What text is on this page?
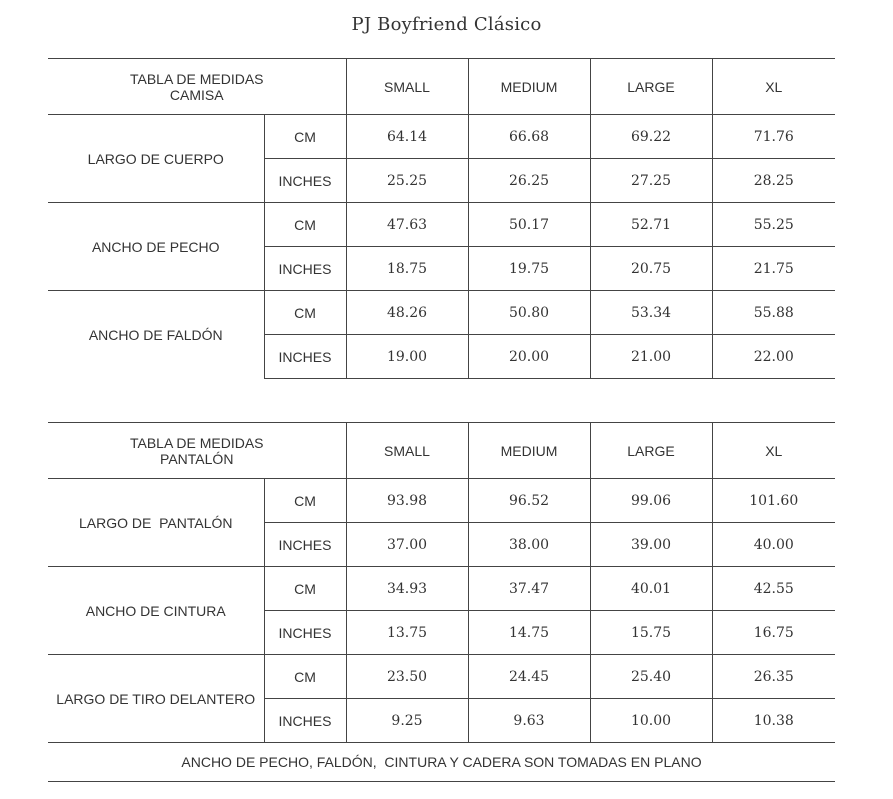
PJ Boyfriend Clásico
TABLA DE MEDIDAS
CAMISA		SMALL	MEDIUM	LARGE	XL
LARGO DE CUERPO	CM	64.14	66.68	69.22	71.76
	INCHES	25.25	26.25	27.25	28.25
ANCHO DE PECHO	CM	47.63	50.17	52.71	55.25
	INCHES	18.75	19.75	20.75	21.75
ANCHO DE FALDÓN	CM	48.26	50.80	53.34	55.88
	INCHES	19.00	20.00	21.00	22.00
TABLA DE MEDIDAS
PANTALÓN		SMALL	MEDIUM	LARGE	XL
LARGO DE  PANTALÓN	CM	93.98	96.52	99.06	101.60
	INCHES	37.00	38.00	39.00	40.00
ANCHO DE CINTURA	CM	34.93	37.47	40.01	42.55
	INCHES	13.75	14.75	15.75	16.75
LARGO DE TIRO DELANTERO	CM	23.50	24.45	25.40	26.35
	INCHES	9.25	9.63	10.00	10.38
ANCHO DE PECHO, FALDÓN,  CINTURA Y CADERA SON TOMADAS EN PLANO
